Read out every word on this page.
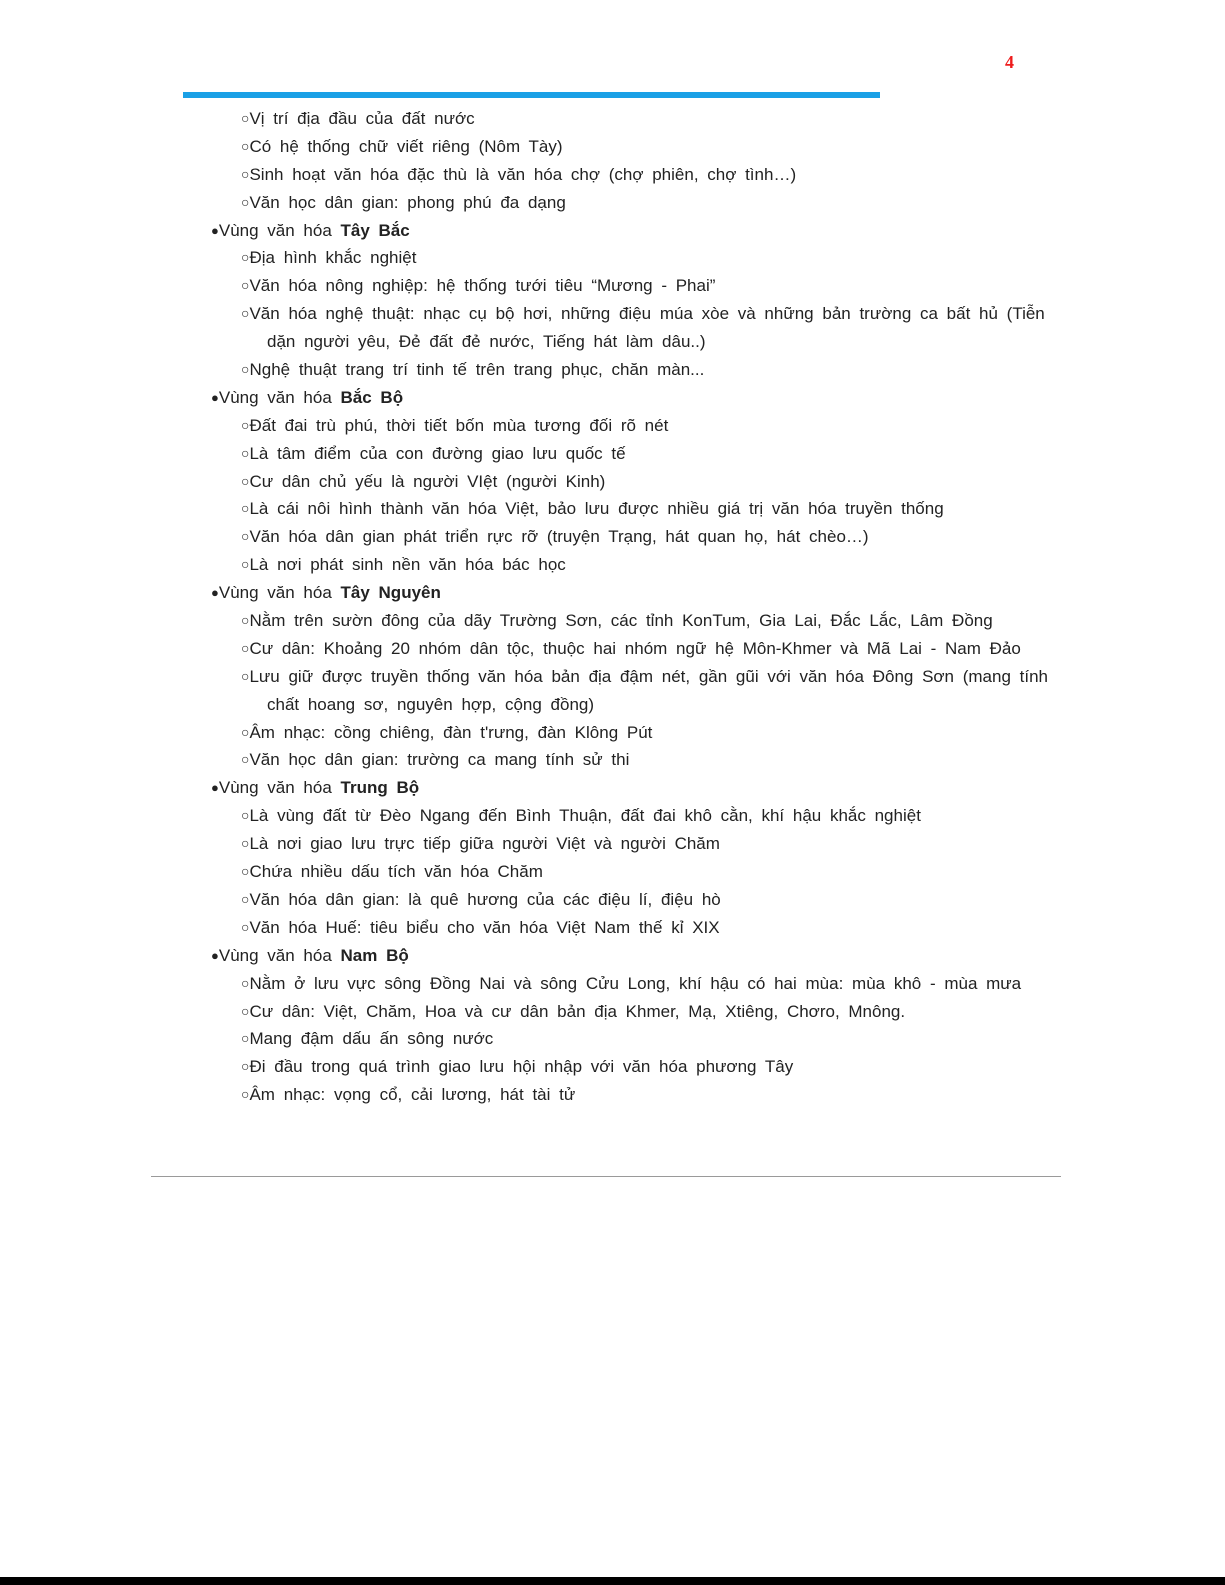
4
○Vị trí địa đầu của đất nước
○Có hệ thống chữ viết riêng (Nôm Tày)
○Sinh hoạt văn hóa đặc thù là văn hóa chợ (chợ phiên, chợ tình…)
○Văn học dân gian: phong phú đa dạng
●Vùng văn hóa Tây Bắc
○Địa hình khắc nghiệt
○Văn hóa nông nghiệp: hệ thống tưới tiêu “Mương - Phai”
○Văn hóa nghệ thuật: nhạc cụ bộ hơi, những điệu múa xòe và những bản trường ca bất hủ (Tiễn
dặn người yêu, Đẻ đất đẻ nước, Tiếng hát làm dâu..)
○Nghệ thuật trang trí tinh tế trên trang phục, chăn màn...
●Vùng văn hóa Bắc Bộ
○Đất đai trù phú, thời tiết bốn mùa tương đối rõ nét
○Là tâm điểm của con đường giao lưu quốc tế
○Cư dân chủ yếu là người VIệt (người Kinh)
○Là cái nôi hình thành văn hóa Việt, bảo lưu được nhiều giá trị văn hóa truyền thống
○Văn hóa dân gian phát triển rực rỡ (truyện Trạng, hát quan họ, hát chèo…)
○Là nơi phát sinh nền văn hóa bác học
●Vùng văn hóa Tây Nguyên
○Nằm trên sườn đông của dãy Trường Sơn, các tỉnh KonTum, Gia Lai, Đắc Lắc, Lâm Đồng
○Cư dân: Khoảng 20 nhóm dân tộc, thuộc hai nhóm ngữ hệ Môn-Khmer và Mã Lai - Nam Đảo
○Lưu giữ được truyền thống văn hóa bản địa đậm nét, gần gũi với văn hóa Đông Sơn (mang tính
chất hoang sơ, nguyên hợp, cộng đồng)
○Âm nhạc: cồng chiêng, đàn t'rưng, đàn Klông Pút
○Văn học dân gian: trường ca mang tính sử thi
●Vùng văn hóa Trung Bộ
○Là vùng đất từ Đèo Ngang đến Bình Thuận, đất đai khô cằn, khí hậu khắc nghiệt
○Là nơi giao lưu trực tiếp giữa người Việt và người Chăm
○Chứa nhiều dấu tích văn hóa Chăm
○Văn hóa dân gian: là quê hương của các điệu lí, điệu hò
○Văn hóa Huế: tiêu biểu cho văn hóa Việt Nam thế kỉ XIX
●Vùng văn hóa Nam Bộ
○Nằm ở lưu vực sông Đồng Nai và sông Cửu Long, khí hậu có hai mùa: mùa khô - mùa mưa
○Cư dân: Việt, Chăm, Hoa và cư dân bản địa Khmer, Mạ, Xtiêng, Chơro, Mnông.
○Mang đậm dấu ấn sông nước
○Đi đầu trong quá trình giao lưu hội nhập với văn hóa phương Tây
○Âm nhạc: vọng cổ, cải lương, hát tài tử
